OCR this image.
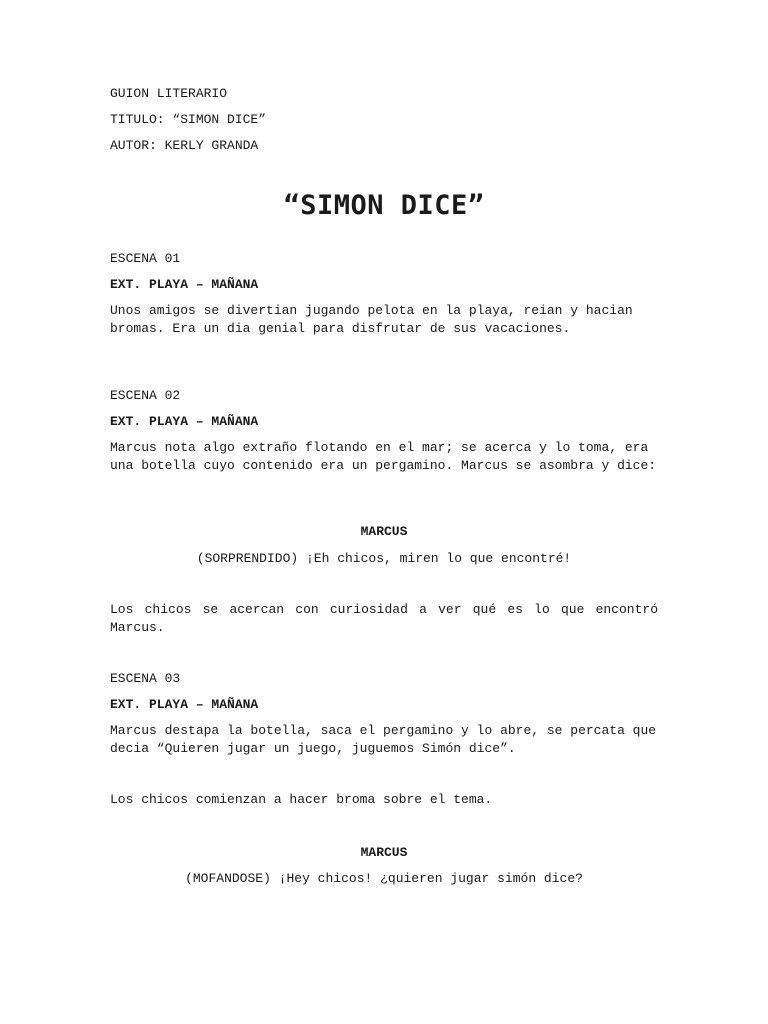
GUION LITERARIO

TITULO: “SIMON DICE”

AUTOR: KERLY GRANDA

“SIMON DICE”

ESCENA 01

EXT. PLAYA – MAÑANA

Unos amigos se divertian jugando pelota en la playa, reian y hacian bromas. Era un dia genial para disfrutar de sus vacaciones.

ESCENA 02

EXT. PLAYA – MAÑANA

Marcus nota algo extraño flotando en el mar; se acerca y lo toma, era una botella cuyo contenido era un pergamino. Marcus se asombra y dice:

MARCUS

(SORPRENDIDO) ¡Eh chicos, miren lo que encontré!

Los chicos se acercan con curiosidad a ver qué es lo que encontró Marcus.

ESCENA 03

EXT. PLAYA – MAÑANA

Marcus destapa la botella, saca el pergamino y lo abre, se percata que decia “Quieren jugar un juego, juguemos Simón dice”.

Los chicos comienzan a hacer broma sobre el tema.

MARCUS

(MOFANDOSE) ¡Hey chicos! ¿quieren jugar simón dice?
